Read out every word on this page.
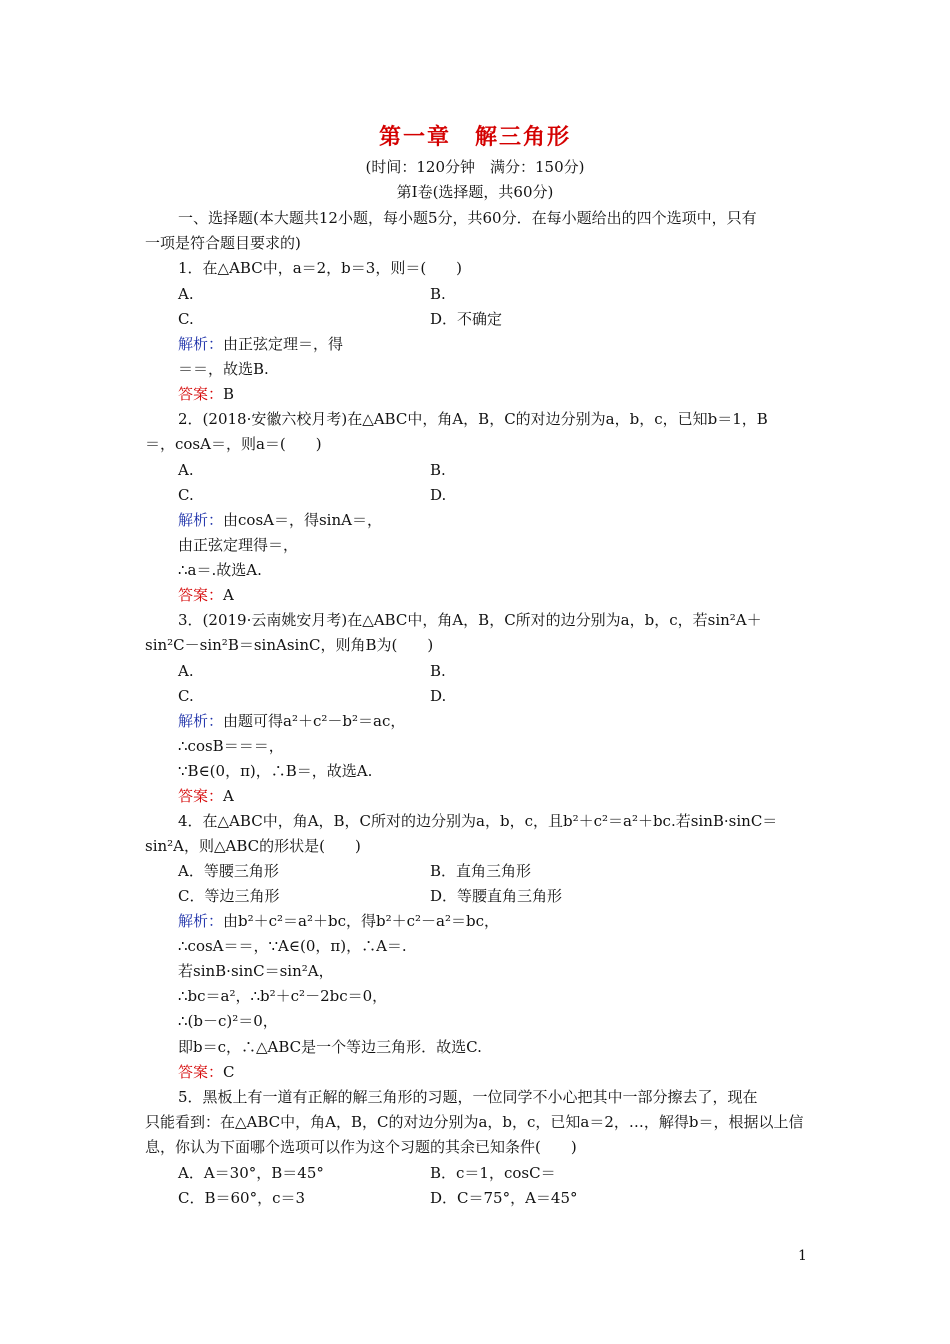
第一章　解三角形
(时间：120分钟　满分：150分)
第Ⅰ卷(选择题，共60分)
一、选择题(本大题共12小题，每小题5分，共60分．在每小题给出的四个选项中，只有
一项是符合题目要求的)
1．在△ABC中，a＝2，b＝3，则＝(　　)
A.	B.
C.	D．不确定
解析：由正弦定理＝，得
＝＝，故选B.
答案：B
2．(2018·安徽六校月考)在△ABC中，角A，B，C的对边分别为a，b，c，已知b＝1，B
＝，cosA＝，则a＝(　　)
A.	B.
C.	D.
解析：由cosA＝，得sinA＝，
由正弦定理得＝，
∴a＝.故选A.
答案：A
3．(2019·云南姚安月考)在△ABC中，角A，B，C所对的边分别为a，b，c，若sin²A＋
sin²C－sin²B＝sinAsinC，则角B为(　　)
A.	B.
C.	D.
解析：由题可得a²＋c²－b²＝ac，
∴cosB＝＝＝，
∵B∈(0，π)，∴B＝，故选A.
答案：A
4．在△ABC中，角A，B，C所对的边分别为a，b，c，且b²＋c²＝a²＋bc.若sinB·sinC＝
sin²A，则△ABC的形状是(　　)
A．等腰三角形	B．直角三角形
C．等边三角形	D．等腰直角三角形
解析：由b²＋c²＝a²＋bc，得b²＋c²－a²＝bc，
∴cosA＝＝，∵A∈(0，π)，∴A＝.
若sinB·sinC＝sin²A，
∴bc＝a²，∴b²＋c²－2bc＝0，
∴(b－c)²＝0，
即b＝c，∴△ABC是一个等边三角形．故选C.
答案：C
5．黑板上有一道有正解的解三角形的习题，一位同学不小心把其中一部分擦去了，现在
只能看到：在△ABC中，角A，B，C的对边分别为a，b，c，已知a＝2，…，解得b＝，根据以上信
息，你认为下面哪个选项可以作为这个习题的其余已知条件(　　)
A．A＝30°，B＝45°	B．c＝1，cosC＝
C．B＝60°，c＝3	D．C＝75°，A＝45°
1
